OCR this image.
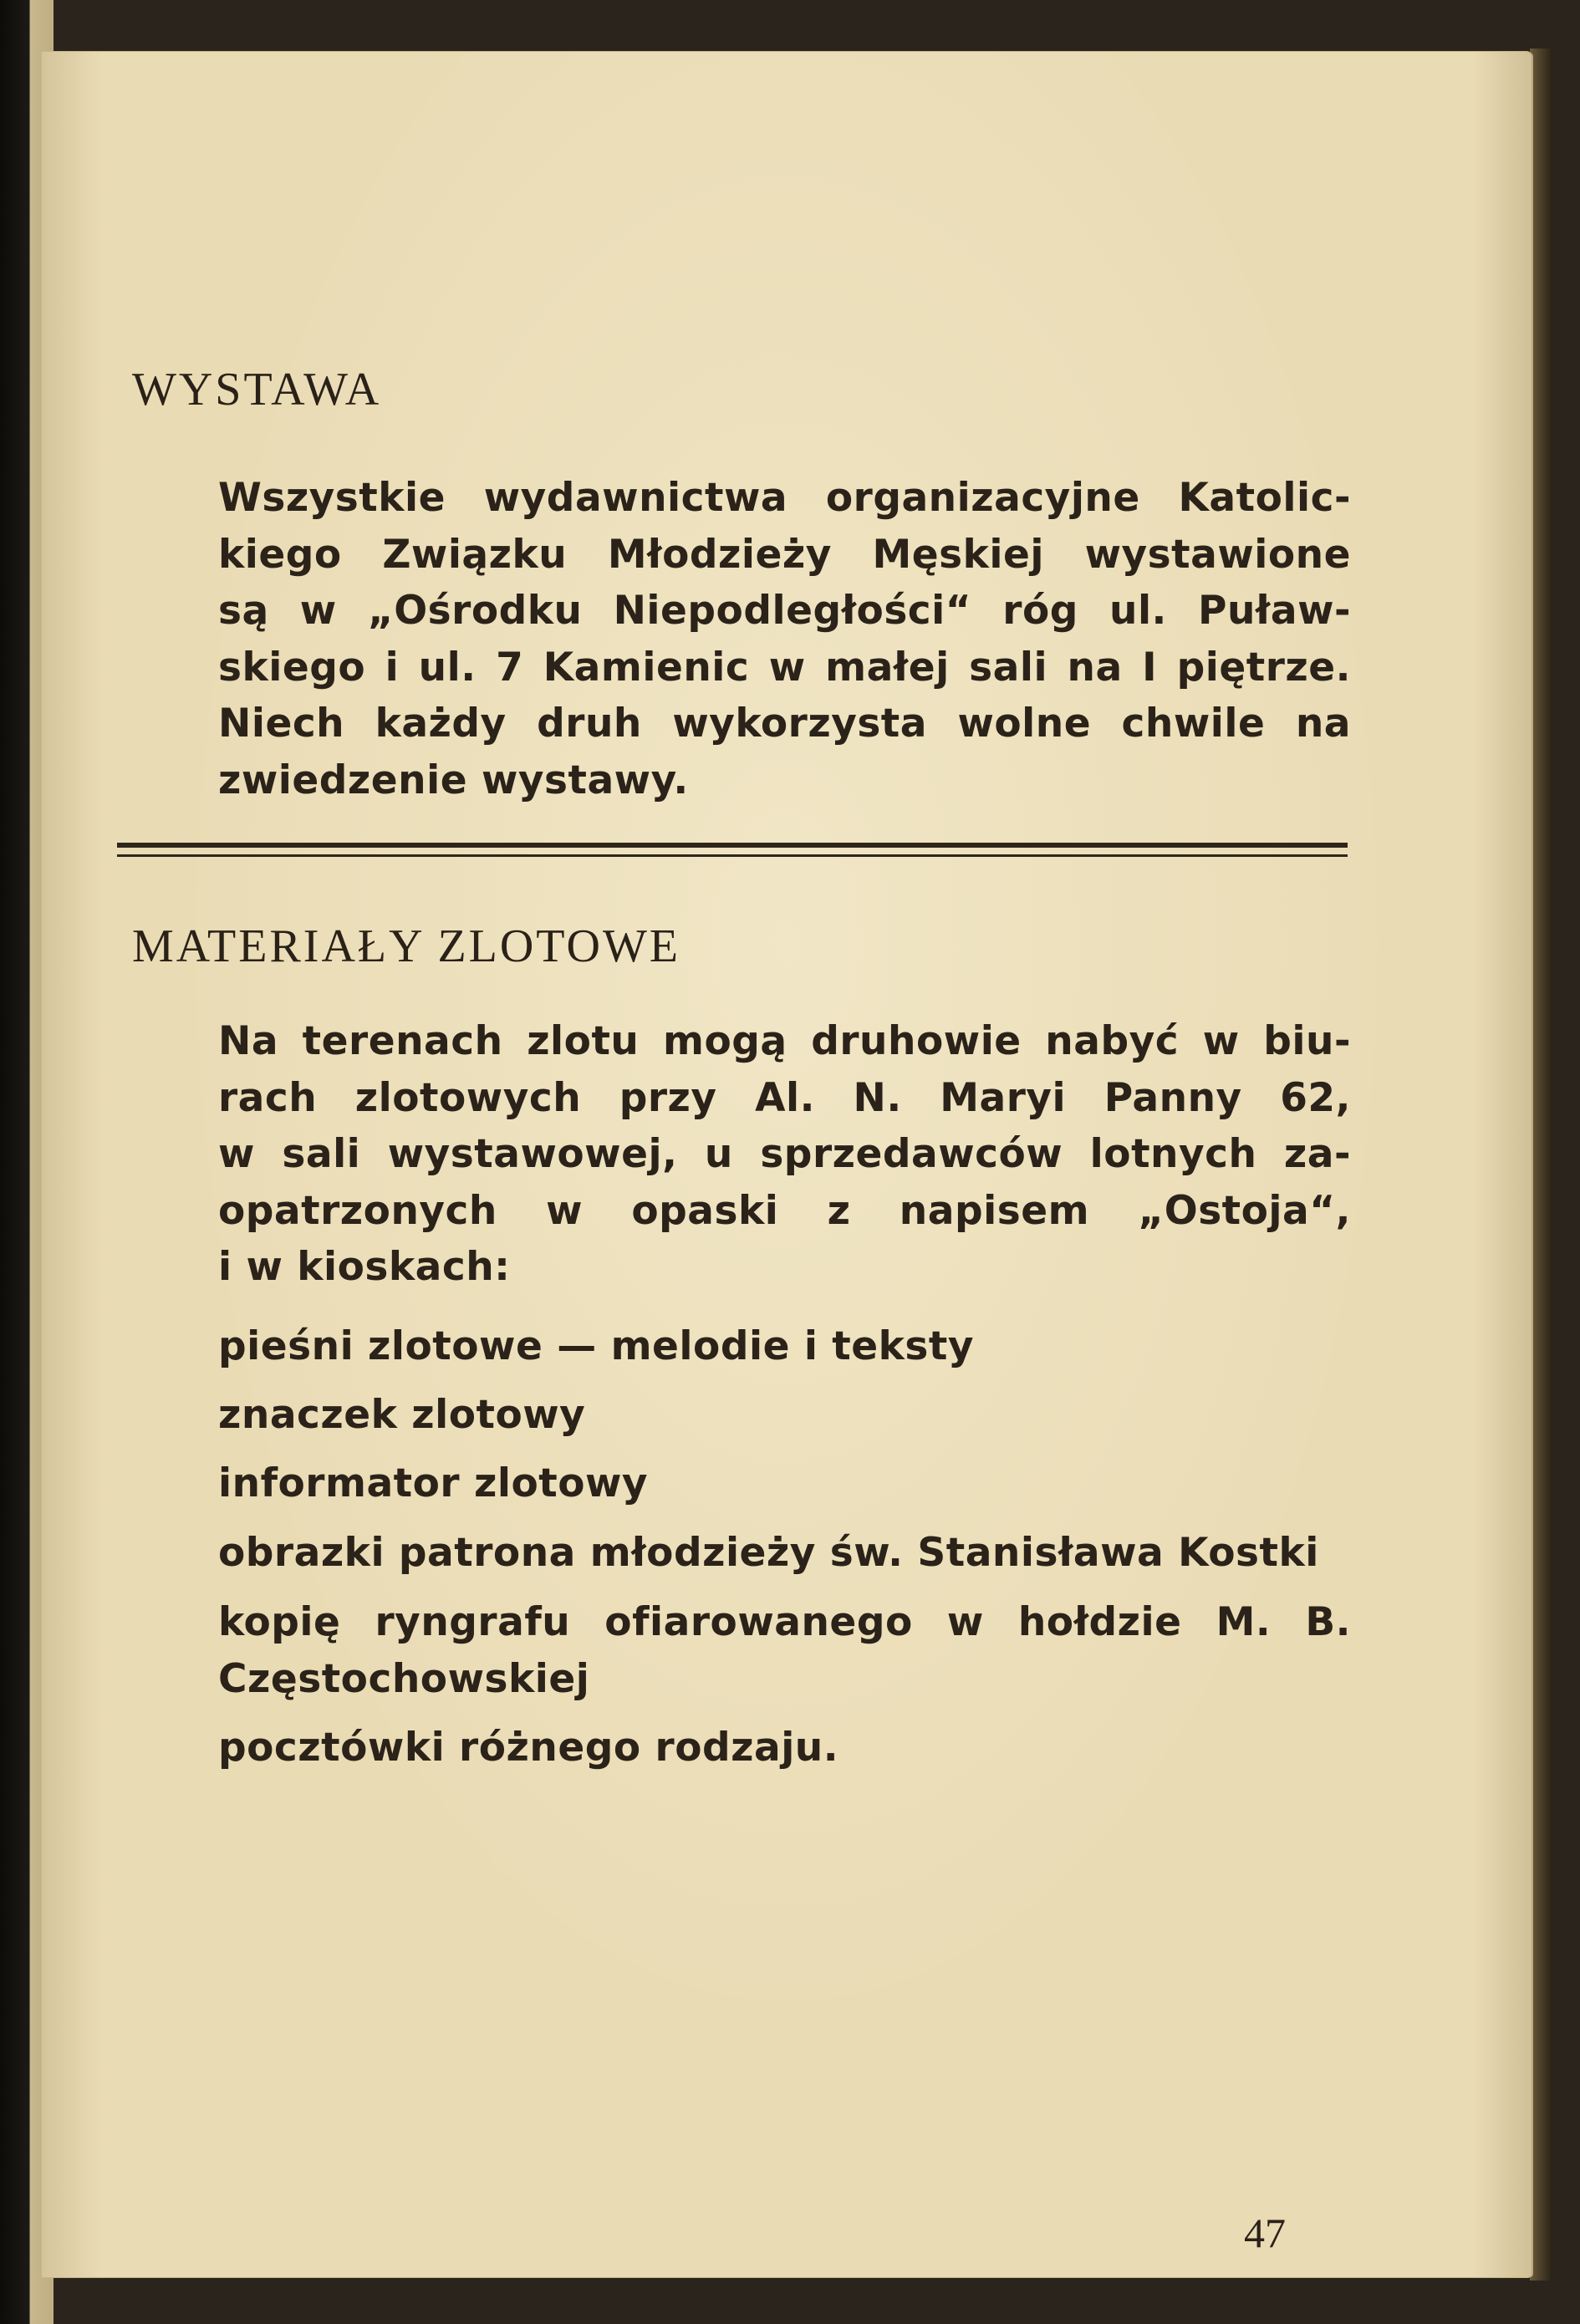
WYSTAWA
Wszystkie wydawnictwa organizacyjne Katolic-
kiego Związku Młodzieży Męskiej wystawione
są w „Ośrodku Niepodległości“ róg ul. Puław-
skiego i ul. 7 Kamienic w małej sali na I piętrze.
Niech każdy druh wykorzysta wolne chwile na
zwiedzenie wystawy.
MATERIAŁY ZLOTOWE
Na terenach zlotu mogą druhowie nabyć w biu-
rach zlotowych przy Al. N. Maryi Panny 62,
w sali wystawowej, u sprzedawców lotnych za-
opatrzonych w opaski z napisem „Ostoja“,
i w kioskach:
pieśni zlotowe — melodie i teksty
znaczek zlotowy
informator zlotowy
obrazki patrona młodzieży św. Stanisława Kostki
kopię ryngrafu ofiarowanego w hołdzie M. B.
Częstochowskiej
pocztówki różnego rodzaju.
47
